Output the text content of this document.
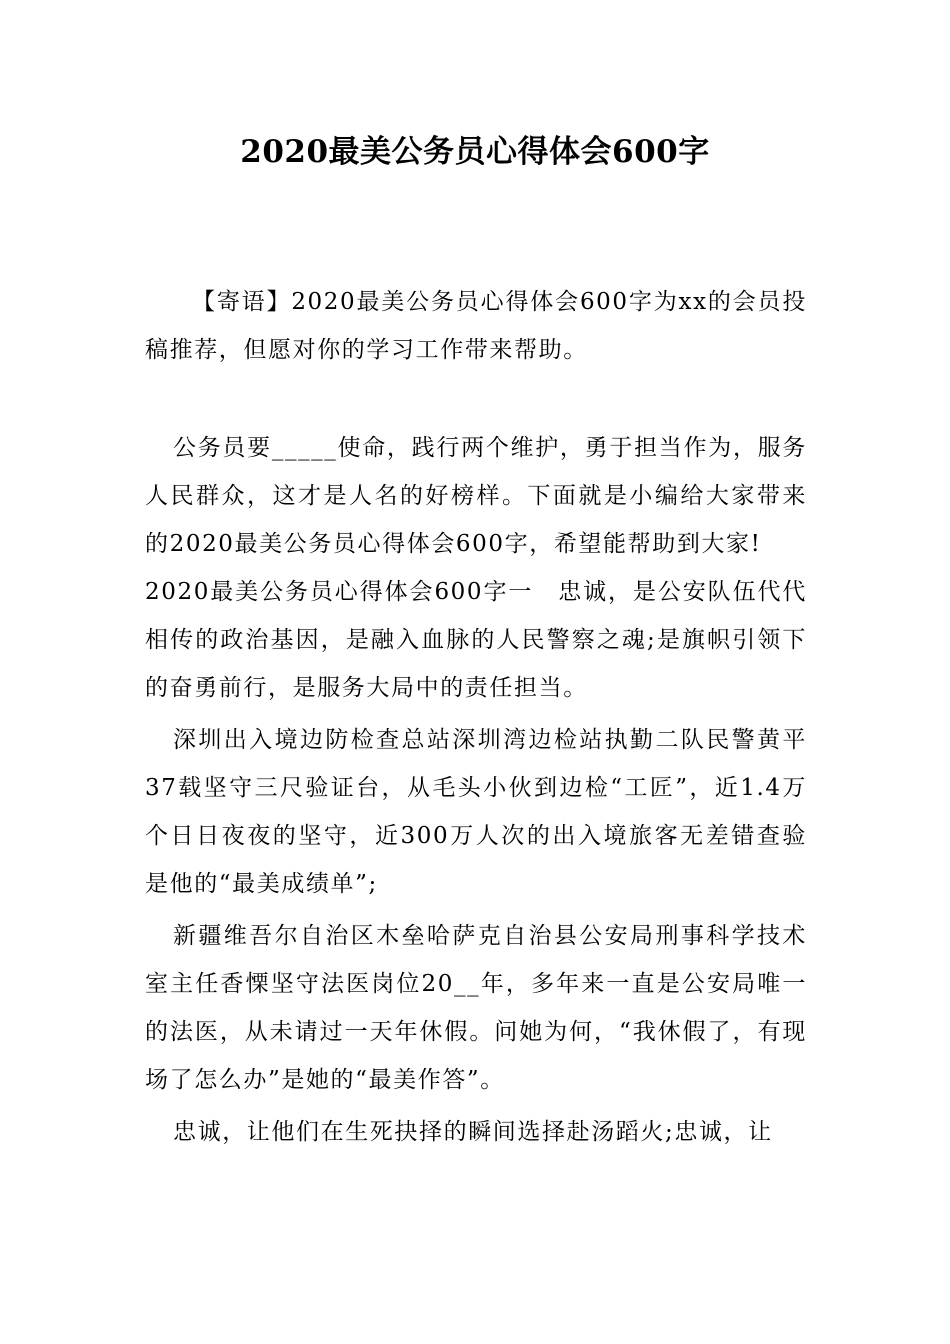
2020最美公务员心得体会600字

【寄语】2020最美公务员心得体会600字为xx的会员投稿推荐，但愿对你的学习工作带来帮助。

公务员要_____使命，践行两个维护，勇于担当作为，服务人民群众，这才是人名的好榜样。下面就是小编给大家带来的2020最美公务员心得体会600字，希望能帮助到大家!

2020最美公务员心得体会600字一　忠诚，是公安队伍代代相传的政治基因，是融入血脉的人民警察之魂;是旗帜引领下的奋勇前行，是服务大局中的责任担当。

深圳出入境边防检查总站深圳湾边检站执勤二队民警黄平37载坚守三尺验证台，从毛头小伙到边检“工匠”，近1.4万个日日夜夜的坚守，近300万人次的出入境旅客无差错查验是他的“最美成绩单”;

新疆维吾尔自治区木垒哈萨克自治县公安局刑事科学技术室主任香慄坚守法医岗位20__年，多年来一直是公安局唯一的法医，从未请过一天年休假。问她为何，“我休假了，有现场了怎么办”是她的“最美作答”。

忠诚，让他们在生死抉择的瞬间选择赴汤蹈火;忠诚，让
